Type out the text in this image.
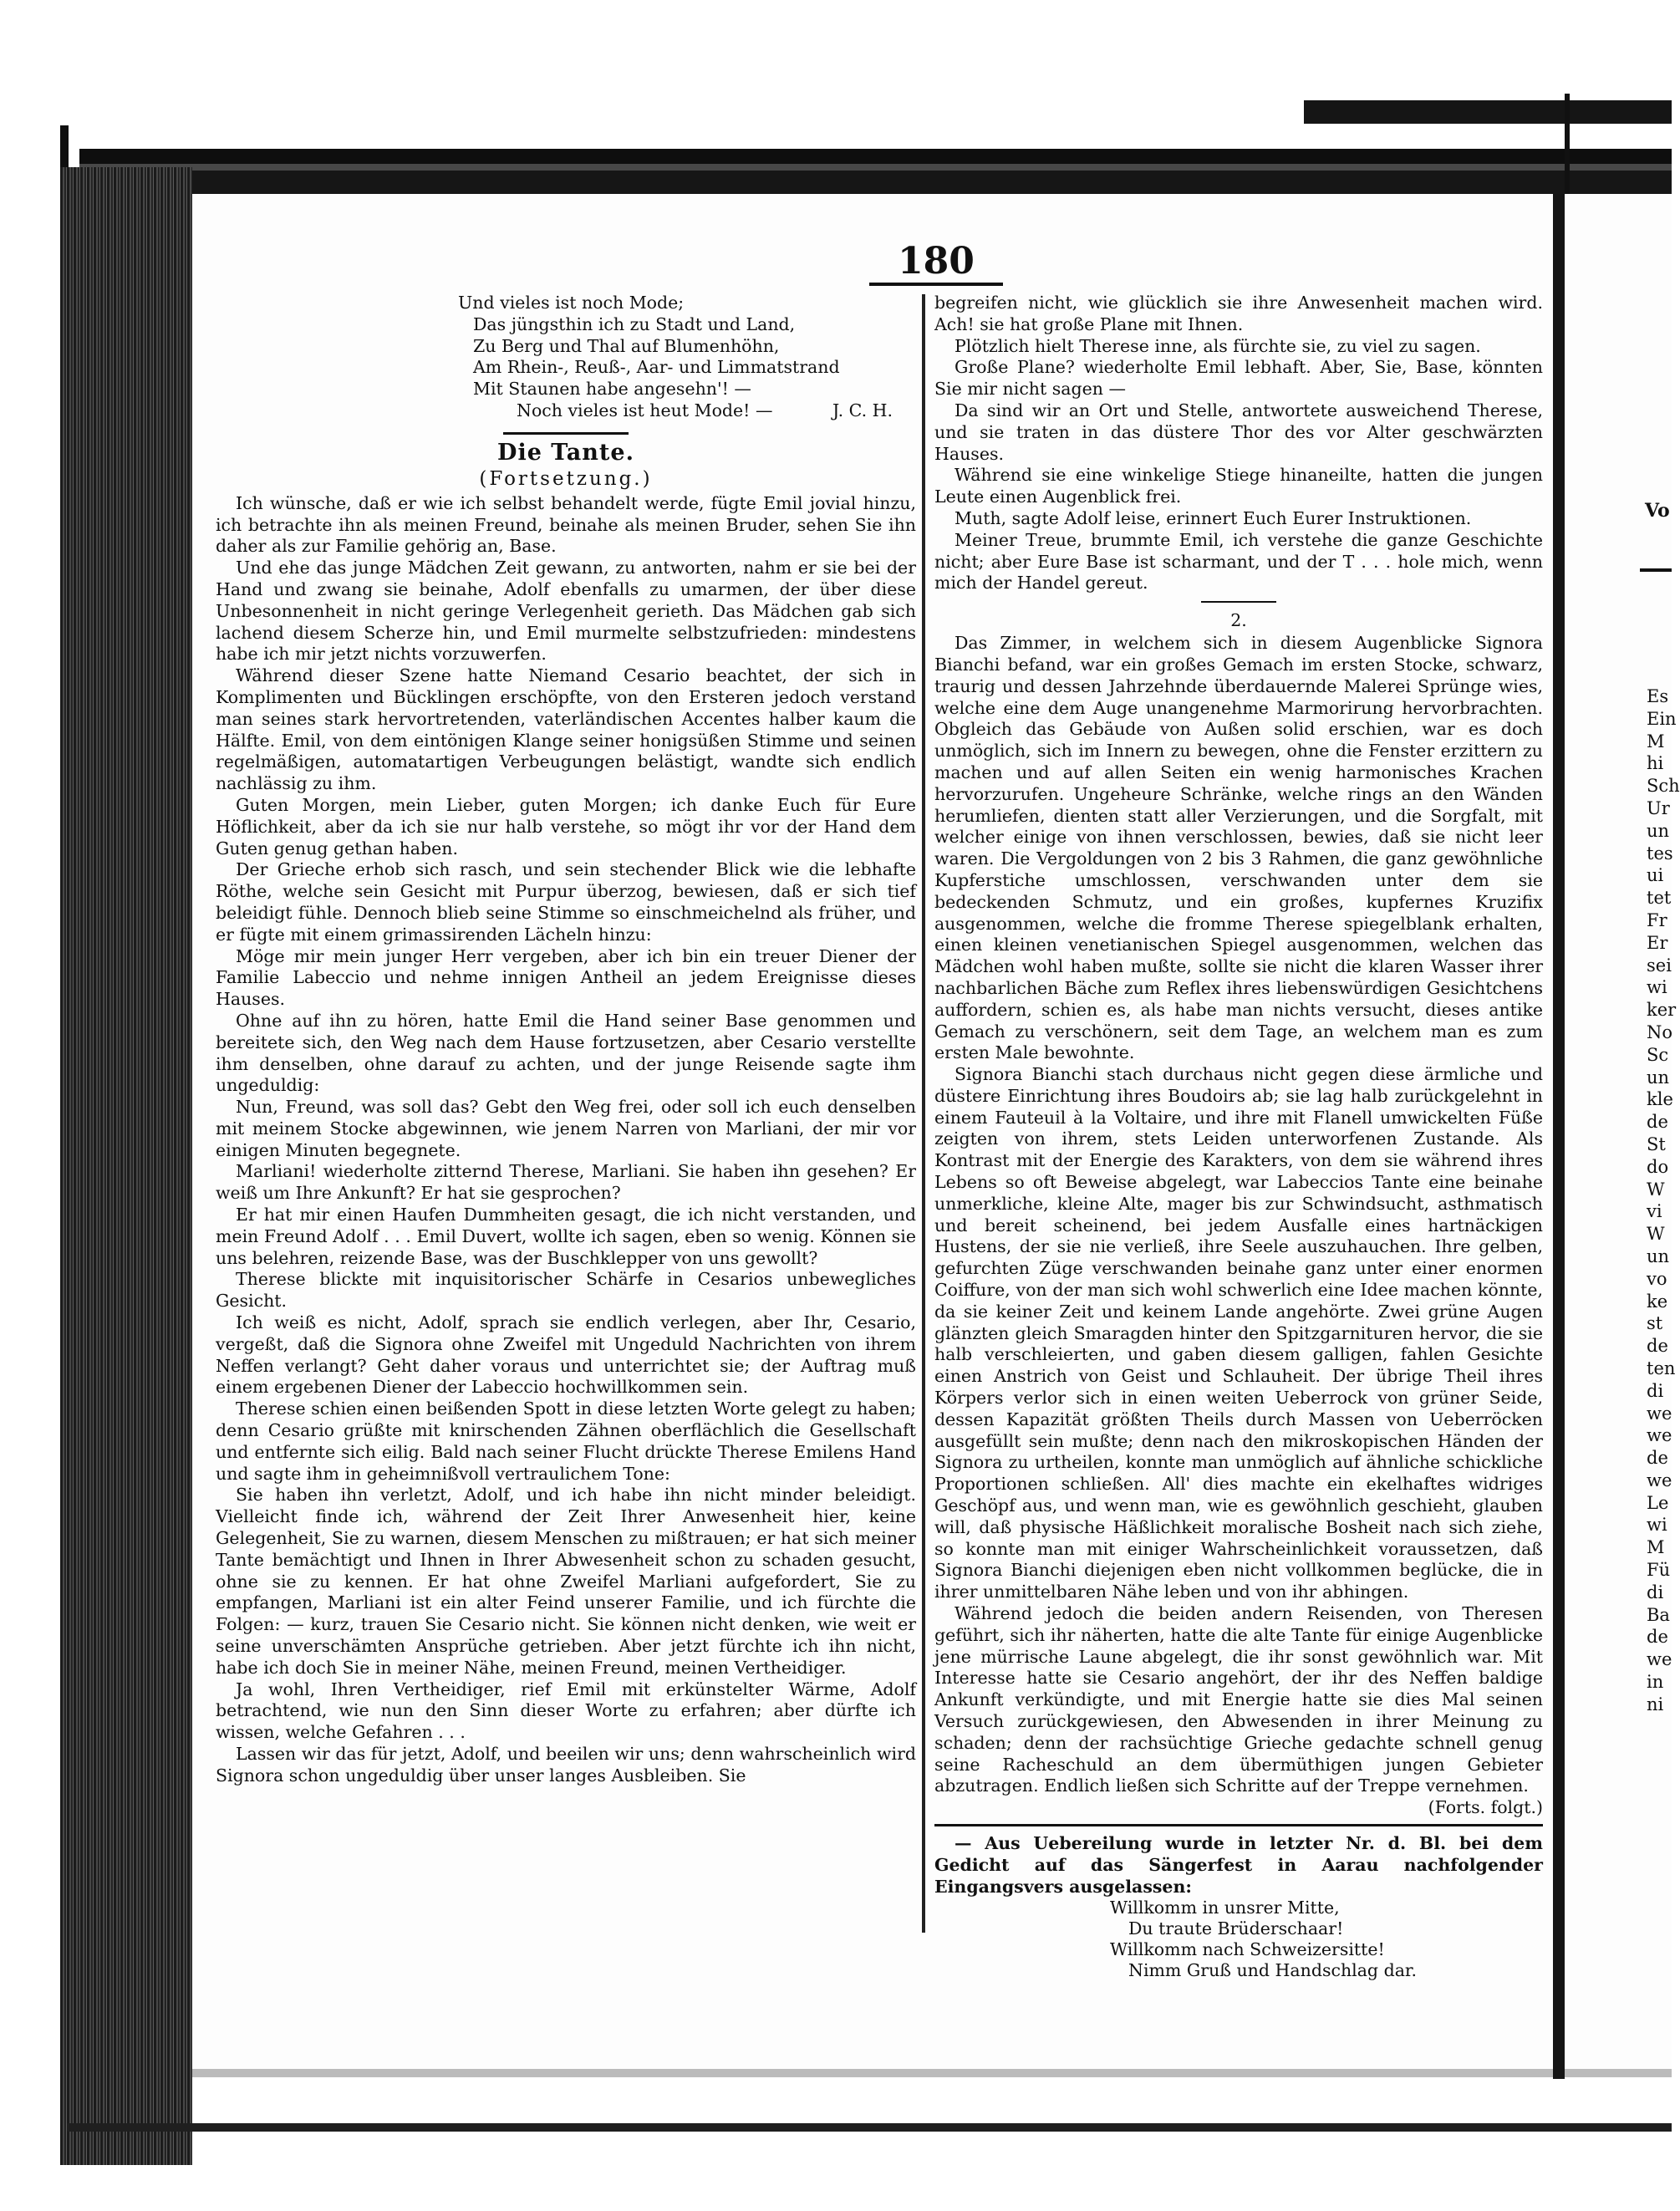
180
Vo
Es
Ein
M
hi
Sch
Ur
un
tes
ui
tet
Fr
Er
sei
wi
ker
No
Sc
un
kle
de
St
do
W
vi
W
un
vo
ke
st
de
ten
di
we
we
de
we
Le
wi
M
Fü
di
Ba
de
we
in
ni

Und vieles ist noch Mode;

Das jüngsthin ich zu Stadt und Land,

Zu Berg und Thal auf Blumenhöhn,

Am Rhein-, Reuß-, Aar- und Limmatstrand

Mit Staunen habe angesehn'! —

Noch vieles ist heut Mode! —	J. C. H.

Die Tante.
(Fortsetzung.)

Ich wünsche, daß er wie ich selbst behandelt werde, fügte Emil jovial hinzu, ich betrachte ihn als meinen Freund, beinahe als meinen Bruder, sehen Sie ihn daher als zur Familie gehörig an, Base.

Und ehe das junge Mädchen Zeit gewann, zu antworten, nahm er sie bei der Hand und zwang sie beinahe, Adolf ebenfalls zu umarmen, der über diese Unbesonnenheit in nicht geringe Verlegenheit gerieth. Das Mädchen gab sich lachend diesem Scherze hin, und Emil murmelte selbstzufrieden: mindestens habe ich mir jetzt nichts vorzuwerfen.

Während dieser Szene hatte Niemand Cesario beachtet, der sich in Komplimenten und Bücklingen erschöpfte, von den Ersteren jedoch verstand man seines stark hervortretenden, vaterländischen Accentes halber kaum die Hälfte. Emil, von dem eintönigen Klange seiner honigsüßen Stimme und seinen regelmäßigen, automatartigen Verbeugungen belästigt, wandte sich endlich nachlässig zu ihm.

Guten Morgen, mein Lieber, guten Morgen; ich danke Euch für Eure Höflichkeit, aber da ich sie nur halb verstehe, so mögt ihr vor der Hand dem Guten genug gethan haben.

Der Grieche erhob sich rasch, und sein stechender Blick wie die lebhafte Röthe, welche sein Gesicht mit Purpur überzog, bewiesen, daß er sich tief beleidigt fühle. Dennoch blieb seine Stimme so einschmeichelnd als früher, und er fügte mit einem grimassirenden Lächeln hinzu:

Möge mir mein junger Herr vergeben, aber ich bin ein treuer Diener der Familie Labeccio und nehme innigen Antheil an jedem Ereignisse dieses Hauses.

Ohne auf ihn zu hören, hatte Emil die Hand seiner Base genommen und bereitete sich, den Weg nach dem Hause fortzusetzen, aber Cesario verstellte ihm denselben, ohne darauf zu achten, und der junge Reisende sagte ihm ungeduldig:

Nun, Freund, was soll das? Gebt den Weg frei, oder soll ich euch denselben mit meinem Stocke abgewinnen, wie jenem Narren von Marliani, der mir vor einigen Minuten begegnete.

Marliani! wiederholte zitternd Therese, Marliani. Sie haben ihn gesehen? Er weiß um Ihre Ankunft? Er hat sie gesprochen?

Er hat mir einen Haufen Dummheiten gesagt, die ich nicht verstanden, und mein Freund Adolf . . . Emil Duvert, wollte ich sagen, eben so wenig. Können sie uns belehren, reizende Base, was der Buschklepper von uns gewollt?

Therese blickte mit inquisitorischer Schärfe in Cesarios unbewegliches Gesicht.

Ich weiß es nicht, Adolf, sprach sie endlich verlegen, aber Ihr, Cesario, vergeßt, daß die Signora ohne Zweifel mit Ungeduld Nachrichten von ihrem Neffen verlangt? Geht daher voraus und unterrichtet sie; der Auftrag muß einem ergebenen Diener der Labeccio hochwillkommen sein.

Therese schien einen beißenden Spott in diese letzten Worte gelegt zu haben; denn Cesario grüßte mit knirschenden Zähnen oberflächlich die Gesellschaft und entfernte sich eilig. Bald nach seiner Flucht drückte Therese Emilens Hand und sagte ihm in geheimnißvoll vertraulichem Tone:

Sie haben ihn verletzt, Adolf, und ich habe ihn nicht minder beleidigt. Vielleicht finde ich, während der Zeit Ihrer Anwesenheit hier, keine Gelegenheit, Sie zu warnen, diesem Menschen zu mißtrauen; er hat sich meiner Tante bemächtigt und Ihnen in Ihrer Abwesenheit schon zu schaden gesucht, ohne sie zu kennen. Er hat ohne Zweifel Marliani aufgefordert, Sie zu empfangen, Marliani ist ein alter Feind unserer Familie, und ich fürchte die Folgen: — kurz, trauen Sie Cesario nicht. Sie können nicht denken, wie weit er seine unverschämten Ansprüche getrieben. Aber jetzt fürchte ich ihn nicht, habe ich doch Sie in meiner Nähe, meinen Freund, meinen Vertheidiger.

Ja wohl, Ihren Vertheidiger, rief Emil mit erkünstelter Wärme, Adolf betrachtend, wie nun den Sinn dieser Worte zu erfahren; aber dürfte ich wissen, welche Gefahren . . .

Lassen wir das für jetzt, Adolf, und beeilen wir uns; denn wahrscheinlich wird Signora schon ungeduldig über unser langes Ausbleiben. Sie

begreifen nicht, wie glücklich sie ihre Anwesenheit machen wird. Ach! sie hat große Plane mit Ihnen.

Plötzlich hielt Therese inne, als fürchte sie, zu viel zu sagen.

Große Plane? wiederholte Emil lebhaft. Aber, Sie, Base, könnten Sie mir nicht sagen —

Da sind wir an Ort und Stelle, antwortete ausweichend Therese, und sie traten in das düstere Thor des vor Alter geschwärzten Hauses.

Während sie eine winkelige Stiege hinaneilte, hatten die jungen Leute einen Augenblick frei.

Muth, sagte Adolf leise, erinnert Euch Eurer Instruktionen.

Meiner Treue, brummte Emil, ich verstehe die ganze Geschichte nicht; aber Eure Base ist scharmant, und der T . . . hole mich, wenn mich der Handel gereut.

2.

Das Zimmer, in welchem sich in diesem Augenblicke Signora Bianchi befand, war ein großes Gemach im ersten Stocke, schwarz, traurig und dessen Jahrzehnde überdauernde Malerei Sprünge wies, welche eine dem Auge unangenehme Marmorirung hervorbrachten. Obgleich das Gebäude von Außen solid erschien, war es doch unmöglich, sich im Innern zu bewegen, ohne die Fenster erzittern zu machen und auf allen Seiten ein wenig harmonisches Krachen hervorzurufen. Ungeheure Schränke, welche rings an den Wänden herumliefen, dienten statt aller Verzierungen, und die Sorgfalt, mit welcher einige von ihnen verschlossen, bewies, daß sie nicht leer waren. Die Vergoldungen von 2 bis 3 Rahmen, die ganz gewöhnliche Kupferstiche umschlossen, verschwanden unter dem sie bedeckenden Schmutz, und ein großes, kupfernes Kruzifix ausgenommen, welche die fromme Therese spiegelblank erhalten, einen kleinen venetianischen Spiegel ausgenommen, welchen das Mädchen wohl haben mußte, sollte sie nicht die klaren Wasser ihrer nachbarlichen Bäche zum Reflex ihres liebenswürdigen Gesichtchens auffordern, schien es, als habe man nichts versucht, dieses antike Gemach zu verschönern, seit dem Tage, an welchem man es zum ersten Male bewohnte.

Signora Bianchi stach durchaus nicht gegen diese ärmliche und düstere Einrichtung ihres Boudoirs ab; sie lag halb zurückgelehnt in einem Fauteuil à la Voltaire, und ihre mit Flanell umwickelten Füße zeigten von ihrem, stets Leiden unterworfenen Zustande. Als Kontrast mit der Energie des Karakters, von dem sie während ihres Lebens so oft Beweise abgelegt, war Labeccios Tante eine beinahe unmerkliche, kleine Alte, mager bis zur Schwindsucht, asthmatisch und bereit scheinend, bei jedem Ausfalle eines hartnäckigen Hustens, der sie nie verließ, ihre Seele auszuhauchen. Ihre gelben, gefurchten Züge verschwanden beinahe ganz unter einer enormen Coiffure, von der man sich wohl schwerlich eine Idee machen könnte, da sie keiner Zeit und keinem Lande angehörte. Zwei grüne Augen glänzten gleich Smaragden hinter den Spitzgarnituren hervor, die sie halb verschleierten, und gaben diesem galligen, fahlen Gesichte einen Anstrich von Geist und Schlauheit. Der übrige Theil ihres Körpers verlor sich in einen weiten Ueberrock von grüner Seide, dessen Kapazität größten Theils durch Massen von Ueberröcken ausgefüllt sein mußte; denn nach den mikroskopischen Händen der Signora zu urtheilen, konnte man unmöglich auf ähnliche schickliche Proportionen schließen. All' dies machte ein ekelhaftes widriges Geschöpf aus, und wenn man, wie es gewöhnlich geschieht, glauben will, daß physische Häßlichkeit moralische Bosheit nach sich ziehe, so konnte man mit einiger Wahrscheinlichkeit voraussetzen, daß Signora Bianchi diejenigen eben nicht vollkommen beglücke, die in ihrer unmittelbaren Nähe leben und von ihr abhingen.

Während jedoch die beiden andern Reisenden, von Theresen geführt, sich ihr näherten, hatte die alte Tante für einige Augenblicke jene mürrische Laune abgelegt, die ihr sonst gewöhnlich war. Mit Interesse hatte sie Cesario angehört, der ihr des Neffen baldige Ankunft verkündigte, und mit Energie hatte sie dies Mal seinen Versuch zurückgewiesen, den Abwesenden in ihrer Meinung zu schaden; denn der rachsüchtige Grieche gedachte schnell genug seine Racheschuld an dem übermüthigen jungen Gebieter abzutragen. Endlich ließen sich Schritte auf der Treppe vernehmen.

(Forts. folgt.)

— Aus Uebereilung wurde in letzter Nr. d. Bl. bei dem Gedicht auf das Sängerfest in Aarau nachfolgender Eingangsvers ausgelassen:

Willkomm in unsrer Mitte,

Du traute Brüderschaar!

Willkomm nach Schweizersitte!

Nimm Gruß und Handschlag dar.
